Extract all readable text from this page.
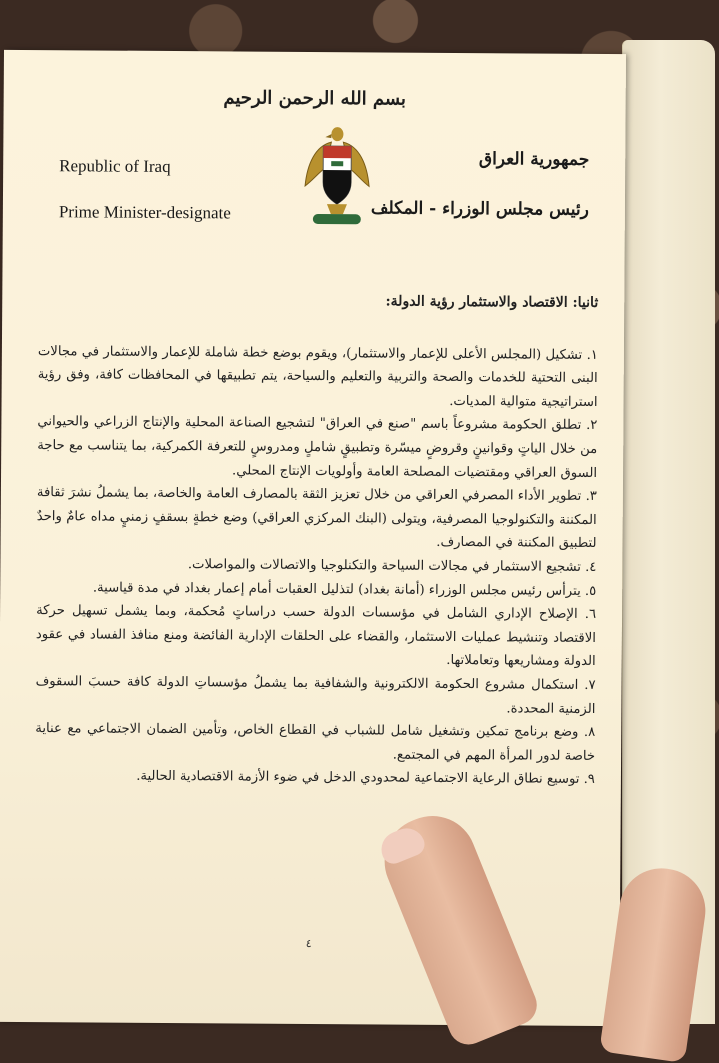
بسم الله الرحمن الرحيم
Republic of Iraq
Prime Minister-designate
جمهورية العراق
رئيس مجلس الوزراء - المكلف
ثانيا: الاقتصاد والاستثمار رؤية الدولة:

١. تشكيل (المجلس الأعلى للإعمار والاستثمار)، ويقوم بوضع خطة شاملة للإعمار والاستثمار في مجالات البنى التحتية للخدمات والصحة والتربية والتعليم والسياحة، يتم تطبيقها في المحافظات كافة، وفق رؤية استراتيجية متوالية المديات.

٢. تطلق الحكومة مشروعاً باسم "صنع في العراق" لتشجيع الصناعة المحلية والإنتاج الزراعي والحيواني من خلال الياتٍ وقوانينٍ وقروضٍ ميسّرة وتطبيقٍ شاملٍ ومدروسٍ للتعرفة الكمركية، بما يتناسب مع حاجة السوق العراقي ومقتضيات المصلحة العامة وأولويات الإنتاج المحلي.

٣. تطوير الأداء المصرفي العراقي من خلال تعزيز الثقة بالمصارف العامة والخاصة، بما يشملُ نشرَ ثقافة المكننة والتكنولوجيا المصرفية، ويتولى (البنك المركزي العراقي) وضع خطةٍ بسقفٍ زمنيٍ مداه عامٌ واحدٌ لتطبيق المكننة في المصارف.

٤. تشجيع الاستثمار في مجالات السياحة والتكنلوجيا والاتصالات والمواصلات.

٥. يترأس رئيس مجلس الوزراء (أمانة بغداد) لتذليل العقبات أمام إعمار بغداد في مدة قياسية.

٦. الإصلاح الإداري الشامل في مؤسسات الدولة حسب دراساتٍ مُحكمة، وبما يشمل تسهيل حركة الاقتصاد وتنشيط عمليات الاستثمار، والقضاء على الحلقات الإدارية الفائضة ومنع منافذ الفساد في عقود الدولة ومشاريعها وتعاملاتها.

٧. استكمال مشروع الحكومة الالكترونية والشفافية بما يشملُ مؤسساتِ الدولة كافة حسبَ السقوف الزمنية المحددة.

٨. وضع برنامج تمكين وتشغيل شامل للشباب في القطاع الخاص، وتأمين الضمان الاجتماعي مع عناية خاصة لدور المرأة المهم في المجتمع.

٩. توسيع نطاق الرعاية الاجتماعية لمحدودي الدخل في ضوء الأزمة الاقتصادية الحالية.

٤
